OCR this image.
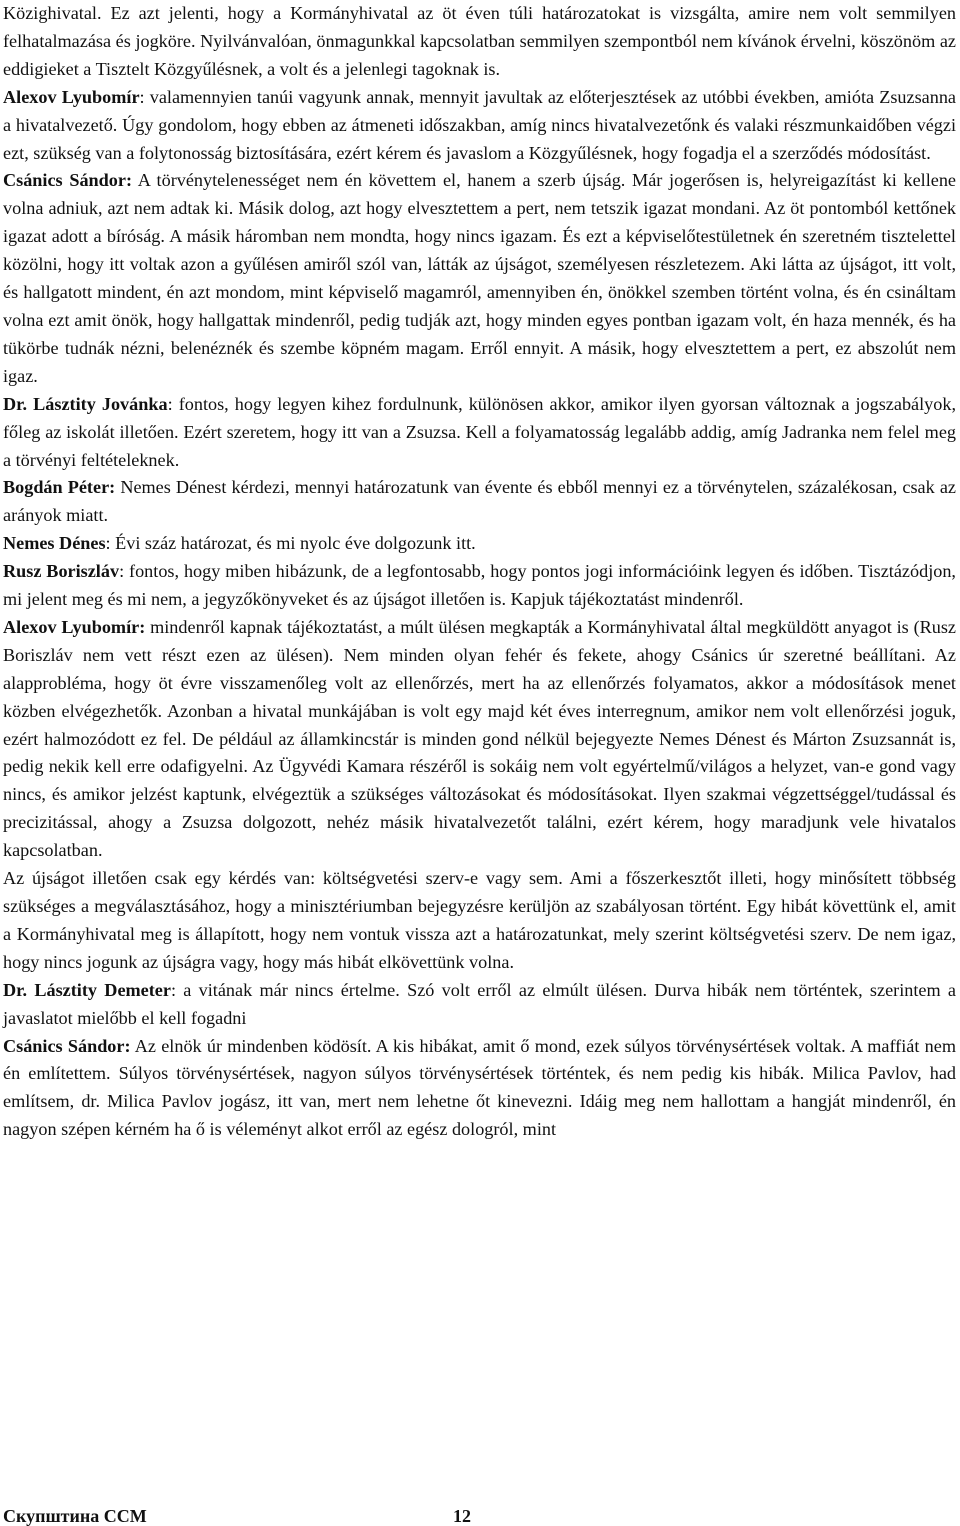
Közighivatal. Ez azt jelenti, hogy a Kormányhivatal az öt éven túli határozatokat is vizsgálta, amire nem volt semmilyen felhatalmazása és jogköre. Nyilvánvalóan, önmagunkkal kapcsolatban semmilyen szempontból nem kívánok érvelni, köszönöm az eddigieket a Tisztelt Közgyűlésnek, a volt és a jelenlegi tagoknak is.

Alexov Lyubomír: valamennyien tanúi vagyunk annak, mennyit javultak az előterjesztések az utóbbi években, amióta Zsuzsanna a hivatalvezető. Úgy gondolom, hogy ebben az átmeneti időszakban, amíg nincs hivatalvezetőnk és valaki részmunkaidőben végzi ezt, szükség van a folytonosság biztosítására, ezért kérem és javaslom a Közgyűlésnek, hogy fogadja el a szerződés módosítást.

Csánics Sándor: A törvénytelenességet nem én követtem el, hanem a szerb újság. Már jogerősen is, helyreigazítást ki kellene volna adniuk, azt nem adtak ki. Másik dolog, azt hogy elvesztettem a pert, nem tetszik igazat mondani. Az öt pontomból kettőnek igazat adott a bíróság. A másik háromban nem mondta, hogy nincs igazam. És ezt a képviselőtestületnek én szeretném tisztelettel közölni, hogy itt voltak azon a gyűlésen amiről szól van, látták az újságot, személyesen részletezem. Aki látta az újságot, itt volt, és hallgatott mindent, én azt mondom, mint képviselő magamról, amennyiben én, önökkel szemben történt volna, és én csináltam volna ezt amit önök, hogy hallgattak mindenről, pedig tudják azt, hogy minden egyes pontban igazam volt, én haza mennék, és ha tükörbe tudnák nézni, belenéznék és szembe köpném magam. Erről ennyit. A másik, hogy elvesztettem a pert, ez abszolút nem igaz.

Dr. Lásztity Jovánka: fontos, hogy legyen kihez fordulnunk, különösen akkor, amikor ilyen gyorsan változnak a jogszabályok, főleg az iskolát illetően. Ezért szeretem, hogy itt van a Zsuzsa. Kell a folyamatosság legalább addig, amíg Jadranka nem felel meg a törvényi feltételeknek.

Bogdán Péter: Nemes Dénest kérdezi, mennyi határozatunk van évente és ebből mennyi ez a törvénytelen, százalékosan, csak az arányok miatt.

Nemes Dénes: Évi száz határozat, és mi nyolc éve dolgozunk itt.

Rusz Boriszláv: fontos, hogy miben hibázunk, de a legfontosabb, hogy pontos jogi információink legyen és időben. Tisztázódjon, mi jelent meg és mi nem, a jegyzőkönyveket és az újságot illetően is. Kapjuk tájékoztatást mindenről.

Alexov Lyubomír: mindenről kapnak tájékoztatást, a múlt ülésen megkapták a Kormányhivatal által megküldött anyagot is (Rusz Boriszláv nem vett részt ezen az ülésen). Nem minden olyan fehér és fekete, ahogy Csánics úr szeretné beállítani. Az alapprobléma, hogy öt évre visszamenőleg volt az ellenőrzés, mert ha az ellenőrzés folyamatos, akkor a módosítások menet közben elvégezhetők. Azonban a hivatal munkájában is volt egy majd két éves interregnum, amikor nem volt ellenőrzési joguk, ezért halmozódott ez fel. De például az államkincstár is minden gond nélkül bejegyezte Nemes Dénest és Márton Zsuzsannát is, pedig nekik kell erre odafigyelni. Az Ügyvédi Kamara részéről is sokáig nem volt egyértelmű/világos a helyzet, van-e gond vagy nincs, és amikor jelzést kaptunk, elvégeztük a szükséges változásokat és módosításokat. Ilyen szakmai végzettséggel/tudással és precizitással, ahogy a Zsuzsa dolgozott, nehéz másik hivatalvezetőt találni, ezért kérem, hogy maradjunk vele hivatalos kapcsolatban.

Az újságot illetően csak egy kérdés van: költségvetési szerv-e vagy sem. Ami a főszerkesztőt illeti, hogy minősített többség szükséges a megválasztásához, hogy a minisztériumban bejegyzésre kerüljön az szabályosan történt. Egy hibát követtünk el, amit a Kormányhivatal meg is állapított, hogy nem vontuk vissza azt a határozatunkat, mely szerint költségvetési szerv. De nem igaz, hogy nincs jogunk az újságra vagy, hogy más hibát elkövettünk volna.

Dr. Lásztity Demeter: a vitának már nincs értelme. Szó volt erről az elmúlt ülésen. Durva hibák nem történtek, szerintem a javaslatot mielőbb el kell fogadni

Csánics Sándor: Az elnök úr mindenben ködösít. A kis hibákat, amit ő mond, ezek súlyos törvénysértések voltak. A maffiát nem én említettem. Súlyos törvénysértések, nagyon súlyos törvénysértések történtek, és nem pedig kis hibák. Milica Pavlov, had említsem, dr. Milica Pavlov jogász, itt van, mert nem lehetne őt kinevezni. Idáig meg nem hallottam a hangját mindenről, én nagyon szépen kérném ha ő is véleményt alkot erről az egész dologról, mint

Скупштина ССМ	12
